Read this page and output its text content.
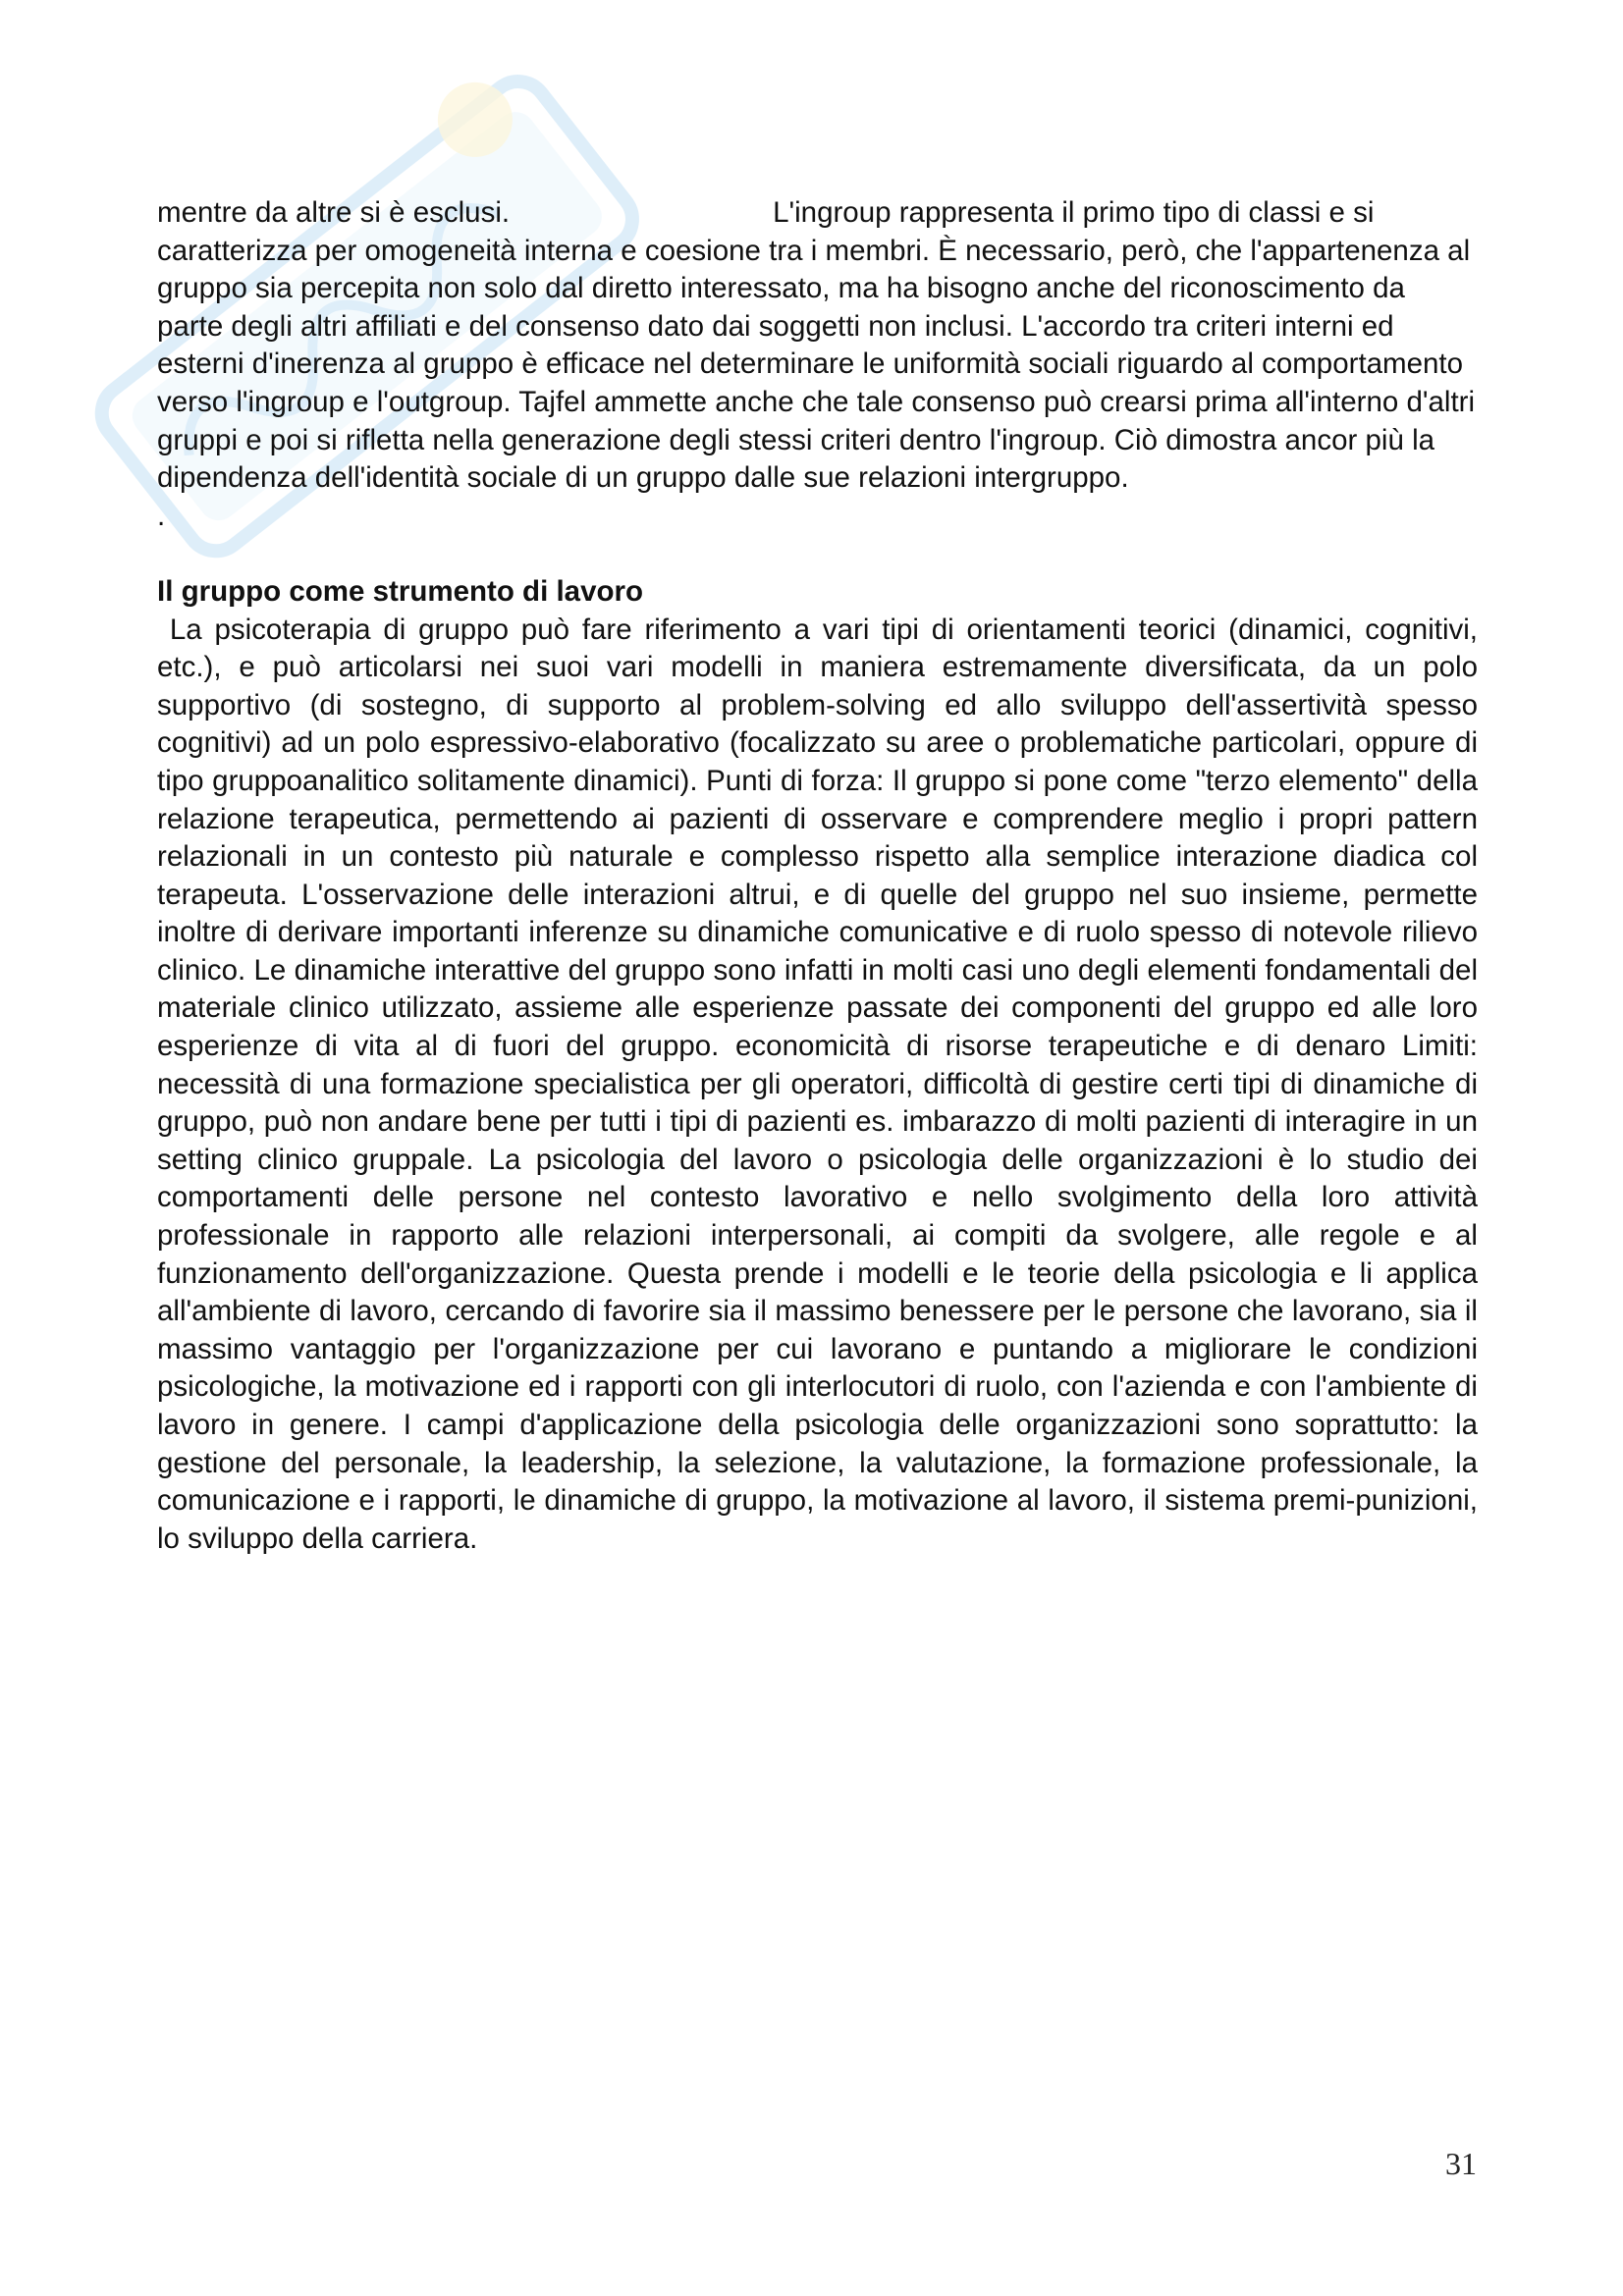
mentre da altre si è esclusi.	L'ingroup rappresenta il primo tipo di classi e si caratterizza per omogeneità interna e coesione tra i membri. È necessario, però, che l'appartenenza al gruppo sia percepita non solo dal diretto interessato, ma ha bisogno anche del riconoscimento da parte degli altri affiliati e del consenso dato dai soggetti non inclusi. L'accordo tra criteri interni ed esterni d'inerenza al gruppo è efficace nel determinare le uniformità sociali riguardo al comportamento verso l'ingroup e l'outgroup. Tajfel ammette anche che tale consenso può crearsi prima all'interno d'altri gruppi e poi si rifletta nella generazione degli stessi criteri dentro l'ingroup. Ciò dimostra ancor più la dipendenza dell'identità sociale di un gruppo dalle sue relazioni intergruppo.
.
Il gruppo come strumento di lavoro
La psicoterapia di gruppo può fare riferimento a vari tipi di orientamenti teorici (dinamici, cognitivi, etc.), e può articolarsi nei suoi vari modelli in maniera estremamente diversificata, da un polo supportivo (di sostegno, di supporto al problem-solving ed allo sviluppo dell'assertività spesso cognitivi) ad un polo espressivo-elaborativo (focalizzato su aree o problematiche particolari, oppure di tipo gruppoanalitico solitamente dinamici). Punti di forza: Il gruppo si pone come "terzo elemento" della relazione terapeutica, permettendo ai pazienti di osservare e comprendere meglio i propri pattern relazionali in un contesto più naturale e complesso rispetto alla semplice interazione diadica col terapeuta. L'osservazione delle interazioni altrui, e di quelle del gruppo nel suo insieme, permette inoltre di derivare importanti inferenze su dinamiche comunicative e di ruolo spesso di notevole rilievo clinico. Le dinamiche interattive del gruppo sono infatti in molti casi uno degli elementi fondamentali del materiale clinico utilizzato, assieme alle esperienze passate dei componenti del gruppo ed alle loro esperienze di vita al di fuori del gruppo. economicità di risorse terapeutiche e di denaro Limiti: necessità di una formazione specialistica per gli operatori, difficoltà di gestire certi tipi di dinamiche di gruppo, può non andare bene per tutti i tipi di pazienti es. imbarazzo di molti pazienti di interagire in un setting clinico gruppale. La psicologia del lavoro o psicologia delle organizzazioni è lo studio dei comportamenti delle persone nel contesto lavorativo e nello svolgimento della loro attività professionale in rapporto alle relazioni interpersonali, ai compiti da svolgere, alle regole e al funzionamento dell'organizzazione. Questa prende i modelli e le teorie della psicologia e li applica all'ambiente di lavoro, cercando di favorire sia il massimo benessere per le persone che lavorano, sia il massimo vantaggio per l'organizzazione per cui lavorano e puntando a migliorare le condizioni psicologiche, la motivazione ed i rapporti con gli interlocutori di ruolo, con l'azienda e con l'ambiente di lavoro in genere. I campi d'applicazione della psicologia delle organizzazioni sono soprattutto: la gestione del personale, la leadership, la selezione, la valutazione, la formazione professionale, la comunicazione e i rapporti, le dinamiche di gruppo, la motivazione al lavoro, il sistema premi-punizioni, lo sviluppo della carriera.
31
